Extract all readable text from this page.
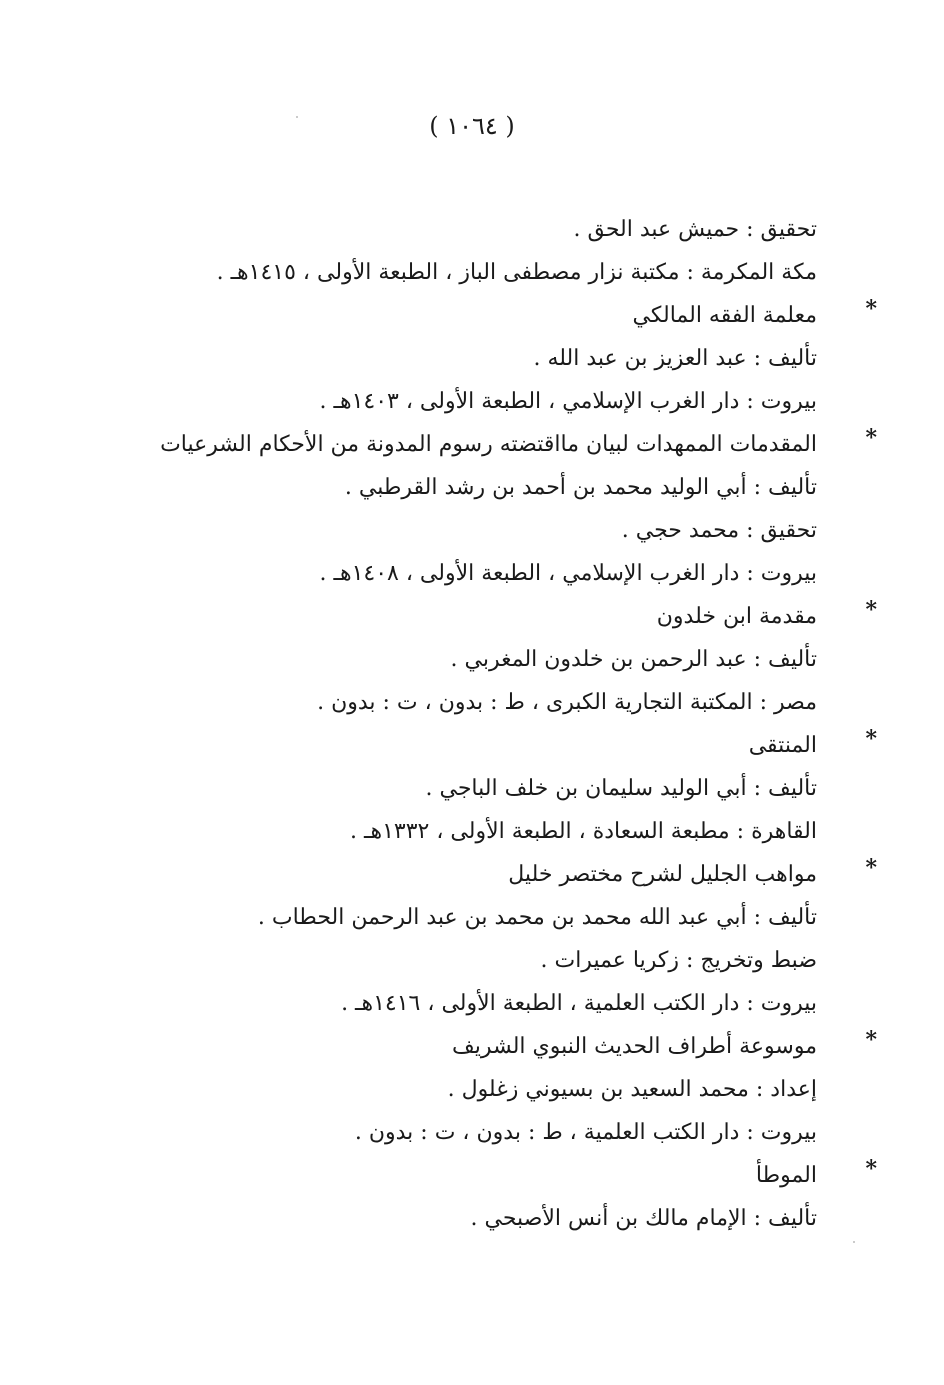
( ١٠٦٤ )
تحقيق : حميش عبد الحق .
مكة المكرمة : مكتبة نزار مصطفى الباز ، الطبعة الأولى ، ١٤١٥هـ .
*
معلمة الفقه المالكي
تأليف : عبد العزيز بن عبد الله .
بيروت : دار الغرب الإسلامي ، الطبعة الأولى ، ١٤٠٣هـ .
*
المقدمات الممهدات لبيان مااقتضته رسوم المدونة من الأحكام الشرعيات
تأليف : أبي الوليد محمد بن أحمد بن رشد القرطبي .
تحقيق : محمد حجي .
بيروت : دار الغرب الإسلامي ، الطبعة الأولى ، ١٤٠٨هـ .
*
مقدمة ابن خلدون
تأليف : عبد الرحمن بن خلدون المغربي .
مصر : المكتبة التجارية الكبرى ، ط : بدون ، ت : بدون .
*
المنتقى
تأليف : أبي الوليد سليمان بن خلف الباجي .
القاهرة : مطبعة السعادة ، الطبعة الأولى ، ١٣٣٢هـ .
*
مواهب الجليل لشرح مختصر خليل
تأليف : أبي عبد الله محمد بن محمد بن عبد الرحمن الحطاب .
ضبط وتخريج : زكريا عميرات .
بيروت : دار الكتب العلمية ، الطبعة الأولى ، ١٤١٦هـ .
*
موسوعة أطراف الحديث النبوي الشريف
إعداد : محمد السعيد بن بسيوني زغلول .
بيروت : دار الكتب العلمية ، ط : بدون ، ت : بدون .
*
الموطأ
تأليف : الإمام مالك بن أنس الأصبحي .
